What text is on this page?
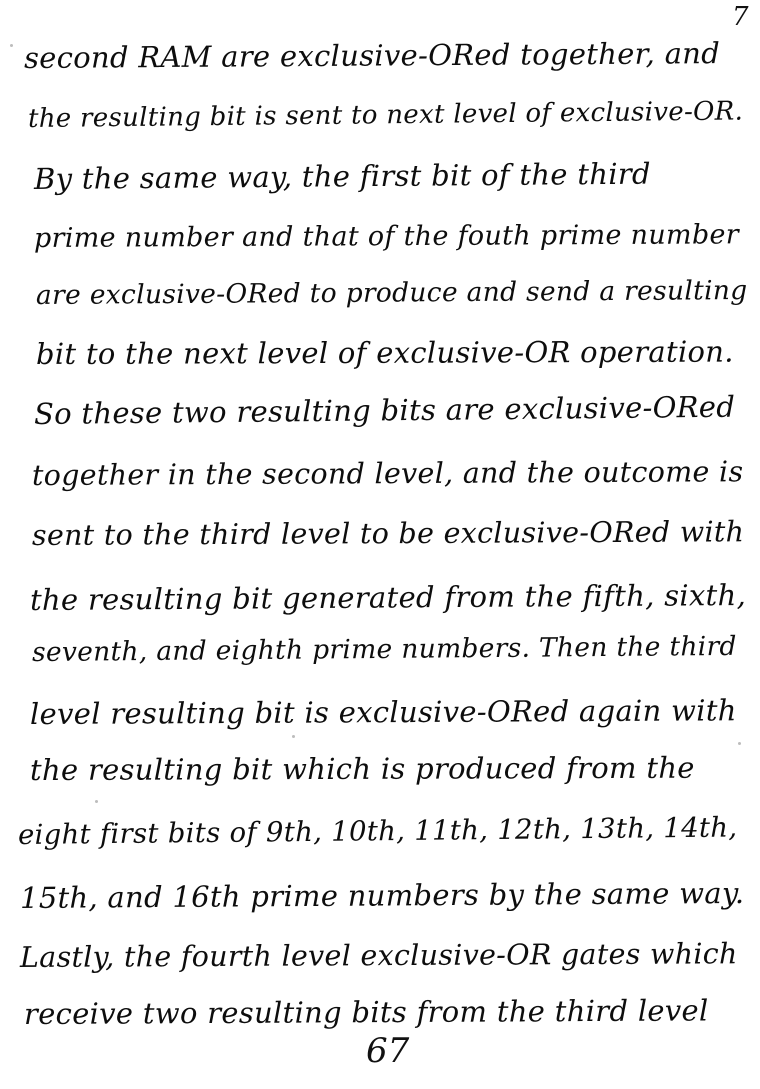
7
second RAM are exclusive-ORed together, and
the resulting bit is sent to next level of exclusive-OR.
By the same way, the first bit of the third
prime number and that of the fouth prime number
are exclusive-ORed to produce and send a resulting
bit to the next level of exclusive-OR operation.
So these two resulting bits are exclusive-ORed
together in the second level, and the outcome is
sent to the third level to be exclusive-ORed with
the resulting bit generated from the fifth, sixth,
seventh, and eighth prime numbers. Then the third
level resulting bit is exclusive-ORed again with
the resulting bit which is produced from the
eight first bits of 9th, 10th, 11th, 12th, 13th, 14th,
15th, and 16th prime numbers by the same way.
Lastly, the fourth level exclusive-OR gates which
receive two resulting bits from the third level
67
